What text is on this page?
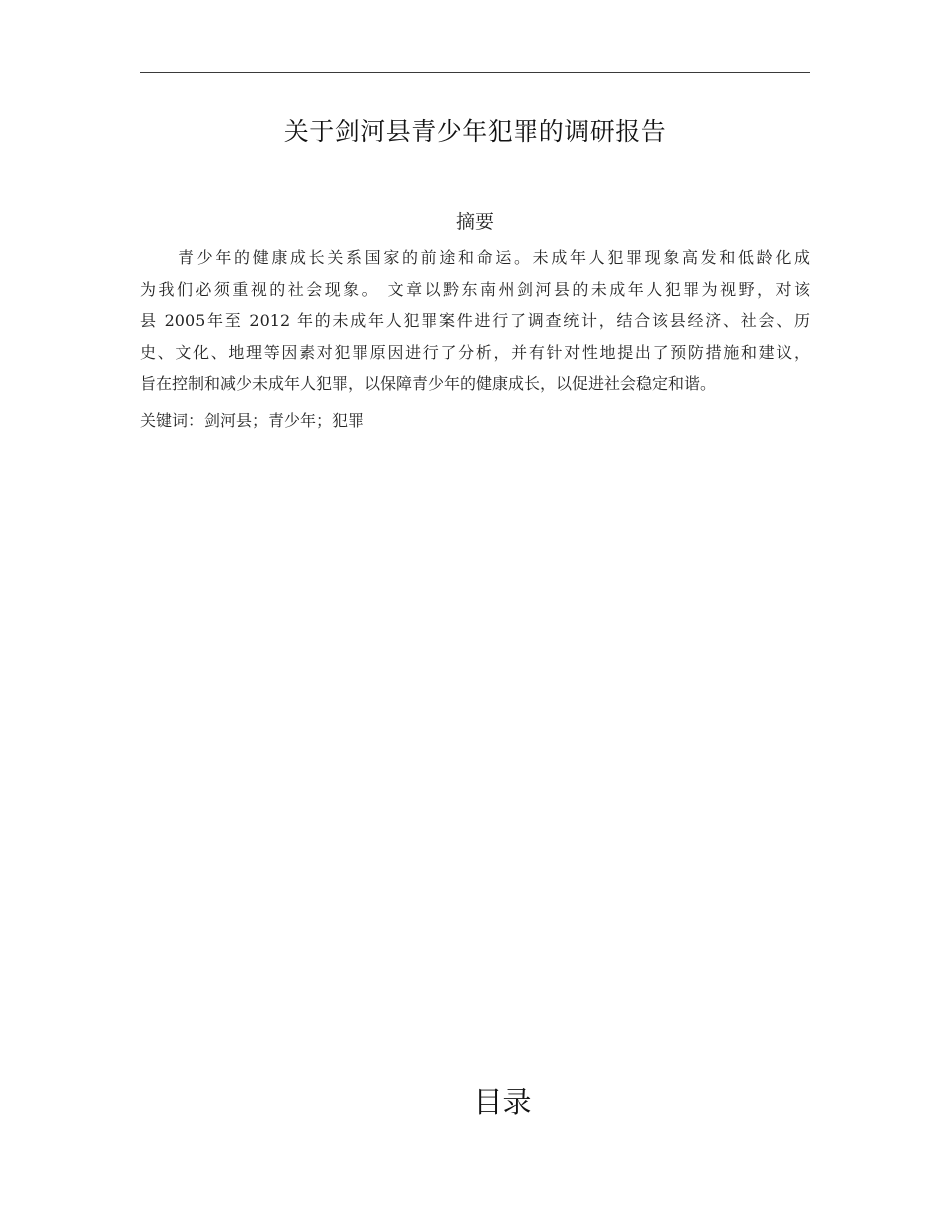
关于剑河县青少年犯罪的调研报告
摘要
青少年的健康成长关系国家的前途和命运。未成年人犯罪现象高发和低龄化成
为我们必须重视的社会现象。 文章以黔东南州剑河县的未成年人犯罪为视野，对该
县 2005年至 2012 年的未成年人犯罪案件进行了调查统计，结合该县经济、社会、历
史、文化、地理等因素对犯罪原因进行了分析，并有针对性地提出了预防措施和建议，
旨在控制和减少未成年人犯罪，以保障青少年的健康成长，以促进社会稳定和谐。
关键词：剑河县；青少年；犯罪
目录
